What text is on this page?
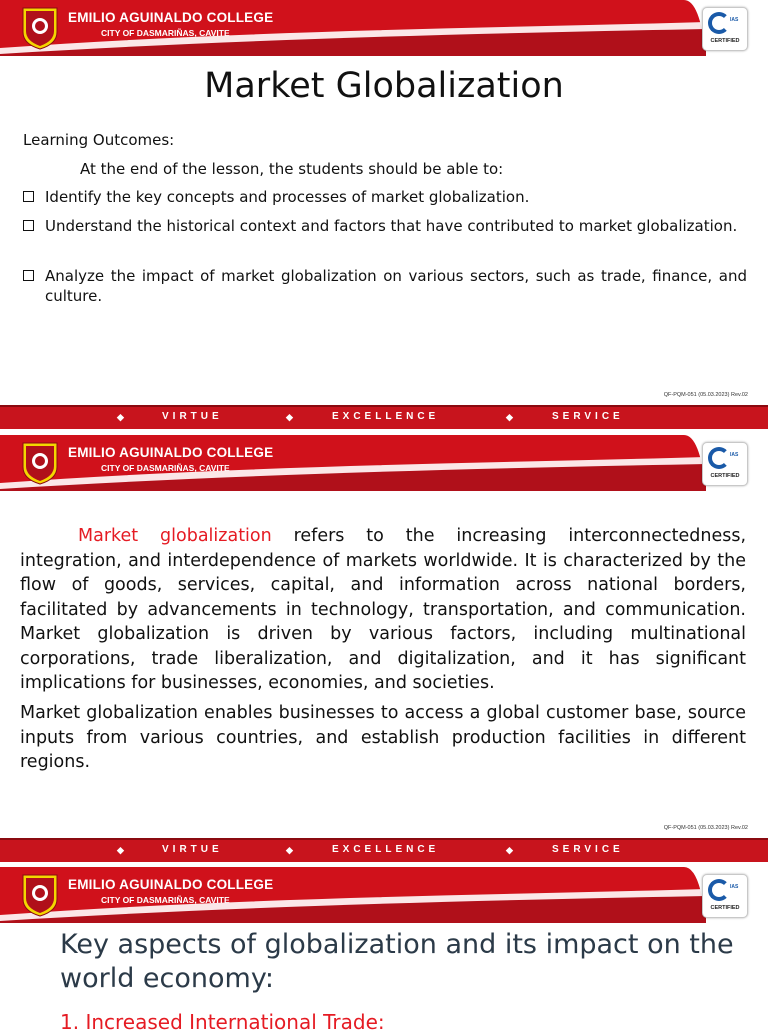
EMILIO AGUINALDO COLLEGE
CITY OF DASMARIÑAS, CAVITE
IAS
CERTIFIED
Market Globalization
Learning Outcomes:
At the end of the lesson, the students should be able to:
Identify the key concepts and processes of market globalization.
Understand the historical context and factors that have contributed to market globalization.
Analyze the impact of market globalization on various sectors, such as trade, finance, and culture.
QF-PQM-051 (05.03.2023) Rev.02
◆	VIRTUE	◆	EXCELLENCE	◆	SERVICE
EMILIO AGUINALDO COLLEGE
CITY OF DASMARIÑAS, CAVITE
IAS
CERTIFIED
Market globalization refers to the increasing interconnectedness, integration, and interdependence of markets worldwide. It is characterized by the flow of goods, services, capital, and information across national borders, facilitated by advancements in technology, transportation, and communication. Market globalization is driven by various factors, including multinational corporations, trade liberalization, and digitalization, and it has significant implications for businesses, economies, and societies.
Market globalization enables businesses to access a global customer base, source inputs from various countries, and establish production facilities in different regions.
QF-PQM-051 (05.03.2023) Rev.02
◆	VIRTUE	◆	EXCELLENCE	◆	SERVICE
EMILIO AGUINALDO COLLEGE
CITY OF DASMARIÑAS, CAVITE
IAS
CERTIFIED
Key aspects of globalization and its impact on the world economy:
1. Increased International Trade:
